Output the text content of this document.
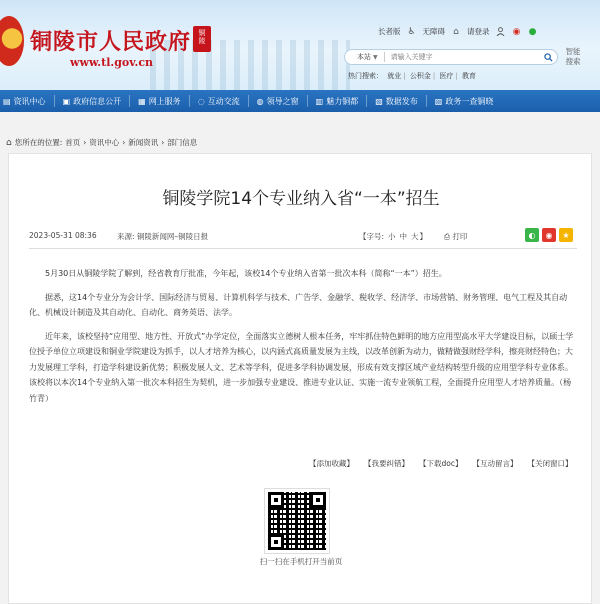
铜陵市人民政府	铜
陵
www.tl.gov.cn
长者版 ♿ 无障碍 ⌂ 请登录	◉ ●
本站 ▼
请输入关键字
智能搜索
热门搜索： 就业 | 公积金 | 医疗 | 教育
▤ 资讯中心 ▣ 政府信息公开 ▦ 网上服务 ◌ 互动交流 ◍ 领导之窗 ▥ 魅力铜都 ▧ 数据发布 ▨ 政务一查铜晓
⌂ 您所在的位置: 首页 › 资讯中心 › 新闻资讯 › 部门信息
铜陵学院14个专业纳入省“一本”招生
2023-05-31 08:36	来源: 铜陵新闻网–铜陵日报	【字号: 小 中 大】 ⎙ 打印	◐	◉	★

5月30日从铜陵学院了解到，经省教育厅批准，今年起，该校14个专业纳入省第一批次本科（简称“一本”）招生。

据悉，这14个专业分为会计学、国际经济与贸易、计算机科学与技术、广告学、金融学、税收学、经济学、市场营销、财务管理、电气工程及其自动化、机械设计制造及其自动化、自动化、商务英语、法学。

近年来，该校坚持“应用型、地方性、开放式”办学定位，全面落实立德树人根本任务，牢牢抓住特色鲜明的地方应用型高水平大学建设目标，以硕士学位授予单位立项建设和铜业学院建设为抓手，以人才培养为核心，以内涵式高质量发展为主线，以改革创新为动力，做精做强财经学科，擦亮财经特色；大力发展理工学科，打造学科建设新优势；积极发展人文、艺术等学科，促进多学科协调发展，形成有效支撑区域产业结构转型升级的应用型学科专业体系。该校将以本次14个专业纳入第一批次本科招生为契机，进一步加强专业建设、推进专业认证、实施一流专业领航工程，全面提升应用型人才培养质量。（杨竹青）

【添加收藏】 【我要纠错】 【下载doc】 【互动留言】 【关闭窗口】
扫一扫在手机打开当前页
